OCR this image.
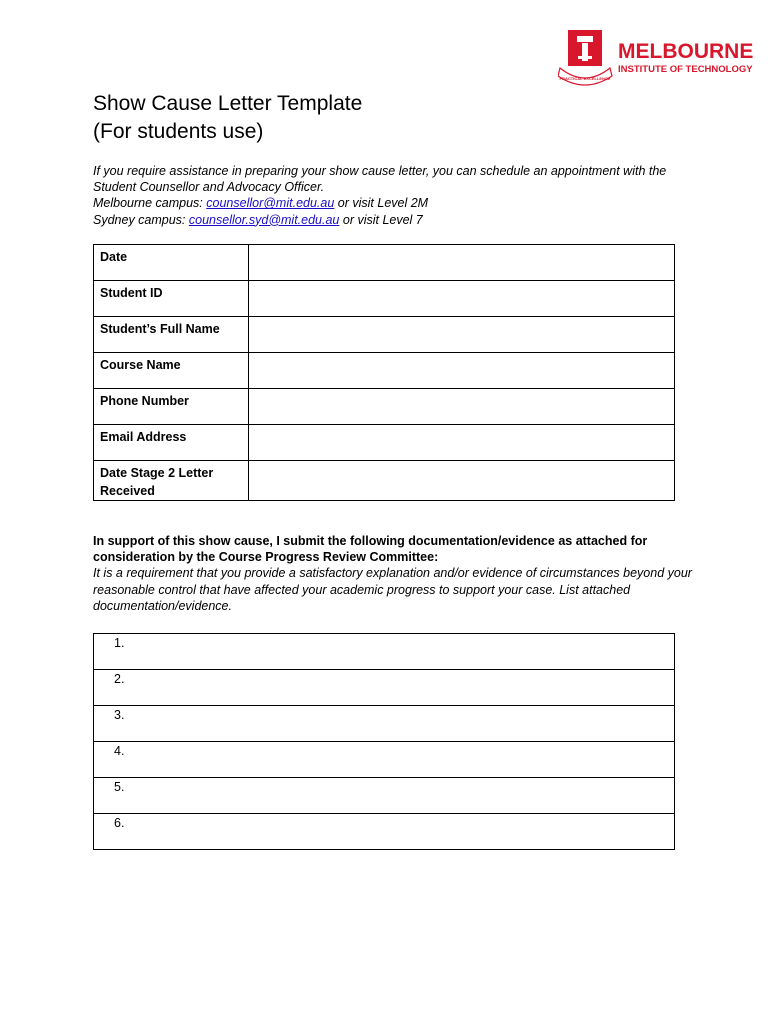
PRACTICAL EXCELLENCE
MELBOURNE
INSTITUTE OF TECHNOLOGY
Show Cause Letter Template
(For students use)
If you require assistance in preparing your show cause letter, you can schedule an appointment with the Student Counsellor and Advocacy Officer.
Melbourne campus: counsellor@mit.edu.au or visit Level 2M
Sydney campus: counsellor.syd@mit.edu.au or visit Level 7
Date	
Student ID	
Student’s Full Name	
Course Name	
Phone Number	
Email Address	
Date Stage 2 Letter Received	
In support of this show cause, I submit the following documentation/evidence as attached for consideration by the Course Progress Review Committee:
It is a requirement that you provide a satisfactory explanation and/or evidence of circumstances beyond your reasonable control that have affected your academic progress to support your case. List attached documentation/evidence.
1.
2.
3.
4.
5.
6.
